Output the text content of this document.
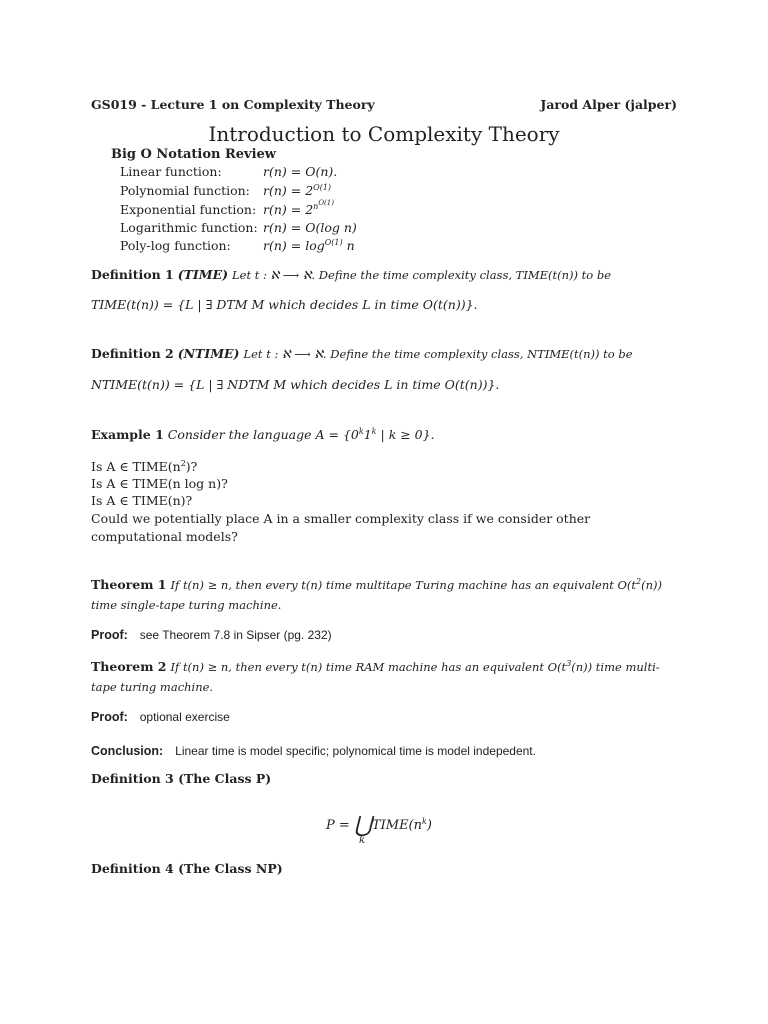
GS019 - Lecture 1 on Complexity Theory	Jarod Alper (jalper)
Introduction to Complexity Theory
Big O Notation Review
Linear function:	r(n) = O(n).
Polynomial function: $r(n) = 2^{O(1)}$
Exponential function: $r(n) = 2^{nO(1)}$
Logarithmic function: r(n) = O(log n)
Poly-log function:	$r(n) = \log^{O(1)} n$
Definition 1 (TIME) Let t : ℵ ⟶ ℵ. Define the time complexity class, TIME(t(n)) to be
TIME(t(n)) = {L | ∃ DTM M which decides L in time O(t(n))}.
Definition 2 (NTIME) Let t : ℵ ⟶ ℵ. Define the time complexity class, NTIME(t(n)) to be
NTIME(t(n)) = {L | ∃ NDTM M which decides L in time O(t(n))}.
Example 1 Consider the language $A = \{0^k1^k$ | k ≥ 0}.
Is A ∈ $TIME(n^2)$?
Is A ∈ TIME(n log n)?
Is A ∈ TIME(n)?
Could we potentially place A in a smaller complexity class if we consider other computational models?
Theorem 1 If t(n) ≥ n, then every t(n) time multitape Turing machine has an equivalent $O(t^2(n))$ time single-tape turing machine.
Proof: see Theorem 7.8 in Sipser (pg. 232)
Theorem 2 If t(n) ≥ n, then every t(n) time RAM machine has an equivalent $O(t^3(n))$ time multi-tape turing machine.
Proof: optional exercise
Conclusion: Linear time is model specific; polynomical time is model indepedent.
Definition 3 (The Class P)
$P = ⋃TIME(n^k)$
k
Definition 4 (The Class NP)
